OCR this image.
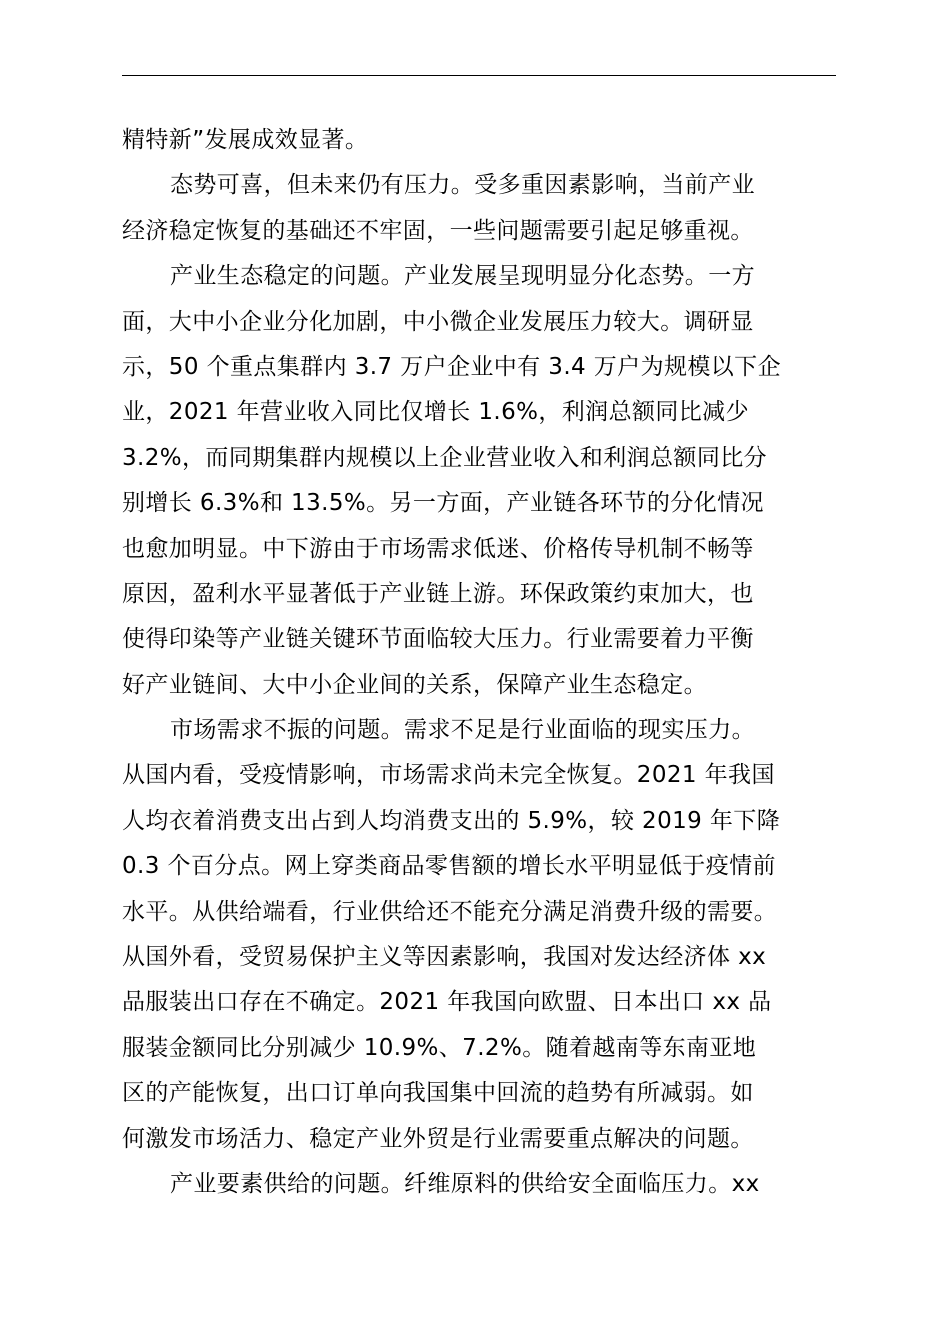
精特新”发展成效显著。
态势可喜，但未来仍有压力。受多重因素影响，当前产业
经济稳定恢复的基础还不牢固，一些问题需要引起足够重视。
产业生态稳定的问题。产业发展呈现明显分化态势。一方
面，大中小企业分化加剧，中小微企业发展压力较大。调研显
示，50 个重点集群内 3.7 万户企业中有 3.4 万户为规模以下企
业，2021 年营业收入同比仅增长 1.6%，利润总额同比减少
3.2%，而同期集群内规模以上企业营业收入和利润总额同比分
别增长 6.3%和 13.5%。另一方面，产业链各环节的分化情况
也愈加明显。中下游由于市场需求低迷、价格传导机制不畅等
原因，盈利水平显著低于产业链上游。环保政策约束加大，也
使得印染等产业链关键环节面临较大压力。行业需要着力平衡
好产业链间、大中小企业间的关系，保障产业生态稳定。
市场需求不振的问题。需求不足是行业面临的现实压力。
从国内看，受疫情影响，市场需求尚未完全恢复。2021 年我国
人均衣着消费支出占到人均消费支出的 5.9%，较 2019 年下降
0.3 个百分点。网上穿类商品零售额的增长水平明显低于疫情前
水平。从供给端看，行业供给还不能充分满足消费升级的需要。
从国外看，受贸易保护主义等因素影响，我国对发达经济体 xx
品服装出口存在不确定。2021 年我国向欧盟、日本出口 xx 品
服装金额同比分别减少 10.9%、7.2%。随着越南等东南亚地
区的产能恢复，出口订单向我国集中回流的趋势有所减弱。如
何激发市场活力、稳定产业外贸是行业需要重点解决的问题。
产业要素供给的问题。纤维原料的供给安全面临压力。xx
